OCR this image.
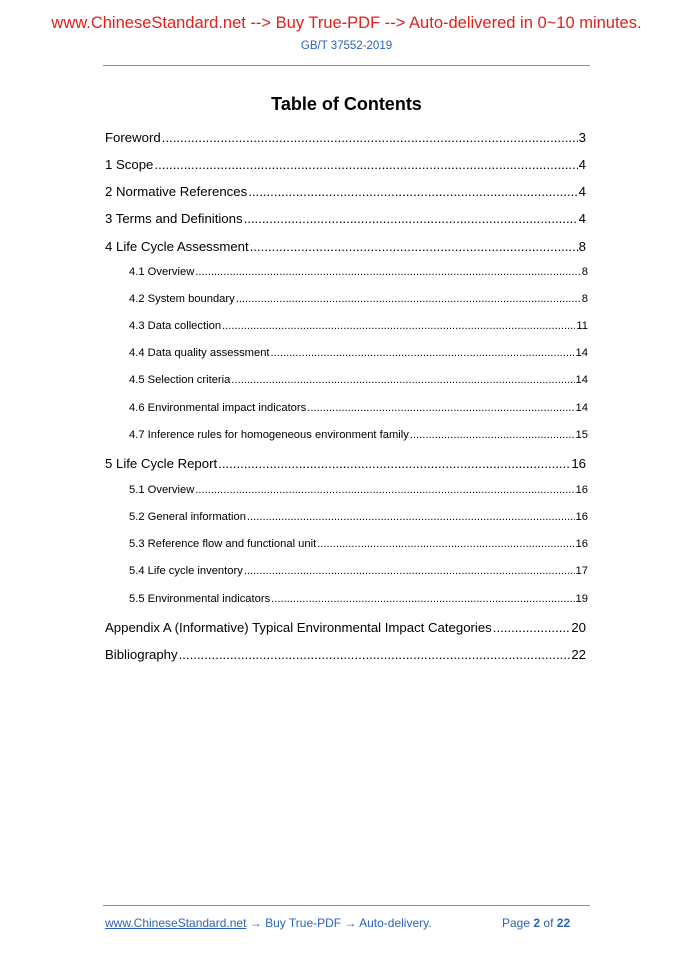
www.ChineseStandard.net --> Buy True-PDF --> Auto-delivered in 0~10 minutes.
GB/T 37552-2019
Table of Contents
Foreword .....	3
1 Scope .....	4
2 Normative References .....	4
3 Terms and Definitions .....	4
4 Life Cycle Assessment .....	8
4.1 Overview .....	8
4.2 System boundary .....	8
4.3 Data collection .....	11
4.4 Data quality assessment .....	14
4.5 Selection criteria .....	14
4.6 Environmental impact indicators .....	14
4.7 Inference rules for homogeneous environment family .....	15
5 Life Cycle Report .....	16
5.1 Overview .....	16
5.2 General information .....	16
5.3 Reference flow and functional unit .....	16
5.4 Life cycle inventory .....	17
5.5 Environmental indicators .....	19
Appendix A (Informative) Typical Environmental Impact Categories .....	20
Bibliography .....	22
www.ChineseStandard.net → Buy True-PDF → Auto-delivery.	Page 2 of 22
